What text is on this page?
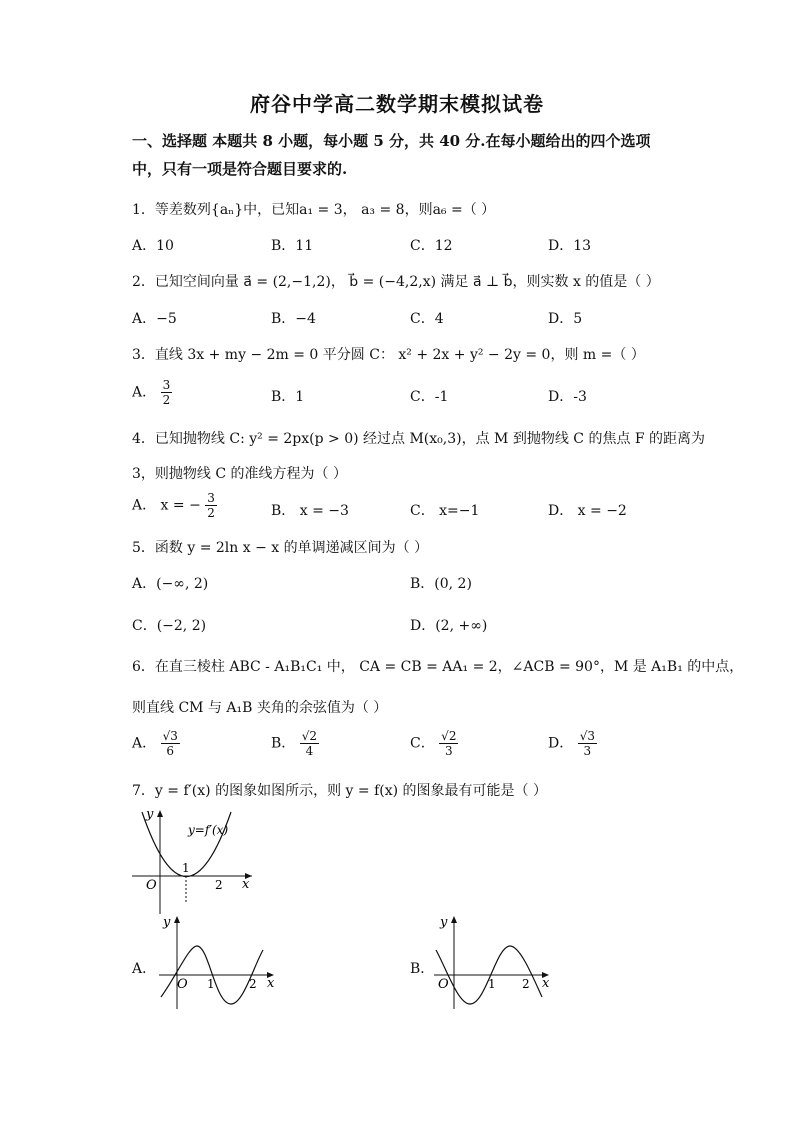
府谷中学高二数学期末模拟试卷
一、选择题 本题共 8 小题，每小题 5 分，共 40 分.在每小题给出的四个选项
中，只有一项是符合题目要求的.
1．等差数列{aₙ}中，已知a₁ = 3， a₃ = 8，则a₆ =（ ）
A．10	B．11	C．12	D．13
2．已知空间向量 a⃗ = (2,−1,2)， b⃗ = (−4,2,x) 满足 a⃗ ⊥ b⃗，则实数 x 的值是（ ）
A．−5	B．−4	C．4	D．5
3．直线 3x + my − 2m = 0 平分圆 C： x² + 2x + y² − 2y = 0，则 m =（ ）
A． $\frac{3}{2}$	B．1	C．-1	D．-3
4．已知抛物线 C: y² = 2px(p > 0) 经过点 M(x₀,3)，点 M 到抛物线 C 的焦点 F 的距离为
3，则抛物线 C 的准线方程为（ ）
A． x = − $\frac{3}{2}$	B． x = −3	C． x=−1	D． x = −2
5．函数 y = 2ln x − x 的单调递减区间为（ ）
A．(−∞, 2)	B．(0, 2)
C．(−2, 2)	D．(2, +∞)
6．在直三棱柱 ABC - A₁B₁C₁ 中， CA = CB = AA₁ = 2，∠ACB = 90°，M 是 A₁B₁ 的中点，
则直线 CM 与 A₁B 夹角的余弦值为（ ）
A． $\frac{√3}{6}$	B． $\frac{√2}{4}$	C． $\frac{√2}{3}$	D． $\frac{√3}{3}$
7．y = f′(x) 的图象如图所示，则 y = f(x) 的图象最有可能是（ ）
y
x
O
y=f′(x)
1
2
A．
y
x
O 1	2
B．
y
x
O	1 2
